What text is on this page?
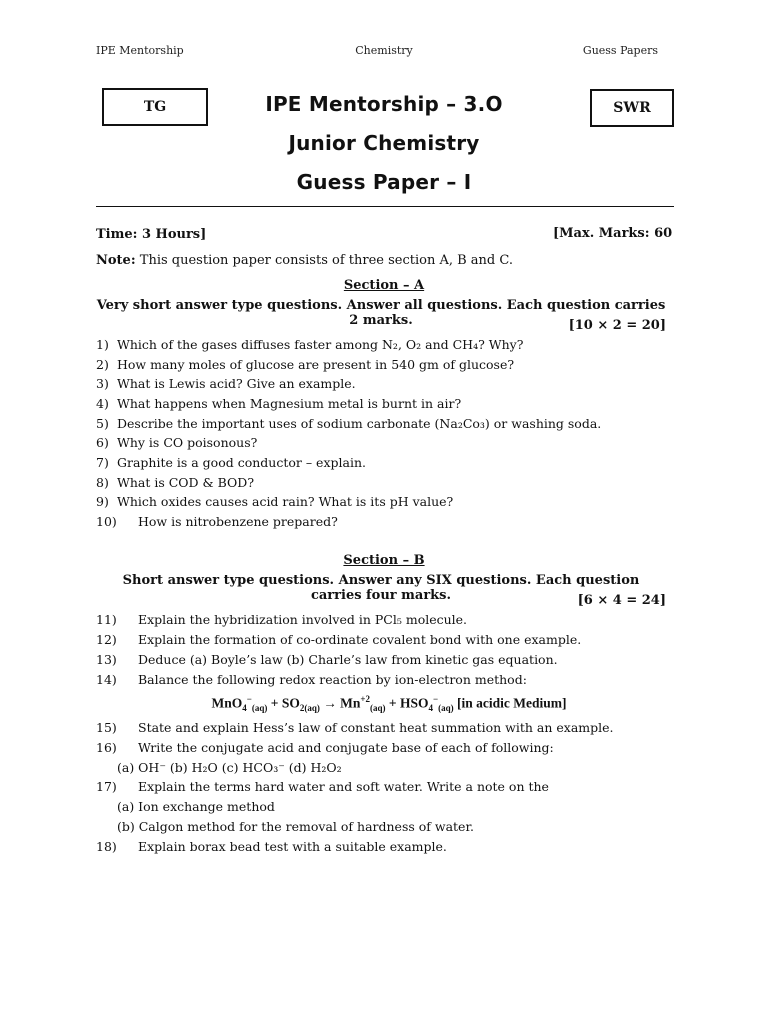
IPE Mentorship	Chemistry	Guess Papers
TG	SWR
IPE Mentorship – 3.O
Junior Chemistry
Guess Paper – I
Time: 3 Hours]	[Max. Marks: 60
Note: This question paper consists of three section A, B and C.
Section – A
Very short answer type questions. Answer all questions. Each question carries 2 marks.	[10 × 2 = 20]
1) Which of the gases diffuses faster among N₂, O₂ and CH₄? Why?
2) How many moles of glucose are present in 540 gm of glucose?
3) What is Lewis acid? Give an example.
4) What happens when Magnesium metal is burnt in air?
5) Describe the important uses of sodium carbonate (Na₂Co₃) or washing soda.
6) Why is CO poisonous?
7) Graphite is a good conductor – explain.
8) What is COD & BOD?
9) Which oxides causes acid rain? What is its pH value?
10) How is nitrobenzene prepared?
Section – B
Short answer type questions. Answer any SIX questions. Each question carries four marks.	[6 × 4 = 24]
11) Explain the hybridization involved in PCl₅ molecule.
12) Explain the formation of co-ordinate covalent bond with one example.
13) Deduce (a) Boyle’s law (b) Charle’s law from kinetic gas equation.
14) Balance the following redox reaction by ion-electron method:
$MnO_4^-_{(aq)} + SO_{2(aq)} \to Mn^{+2}_{(aq)} + HSO_4^-_{(aq)}$ [in acidic Medium]
15) State and explain Hess’s law of constant heat summation with an example.
16) Write the conjugate acid and conjugate base of each of following:
(a) OH⁻ (b) H₂O (c) HCO₃⁻ (d) H₂O₂
17) Explain the terms hard water and soft water. Write a note on the
(a) Ion exchange method
(b) Calgon method for the removal of hardness of water.
18) Explain borax bead test with a suitable example.
